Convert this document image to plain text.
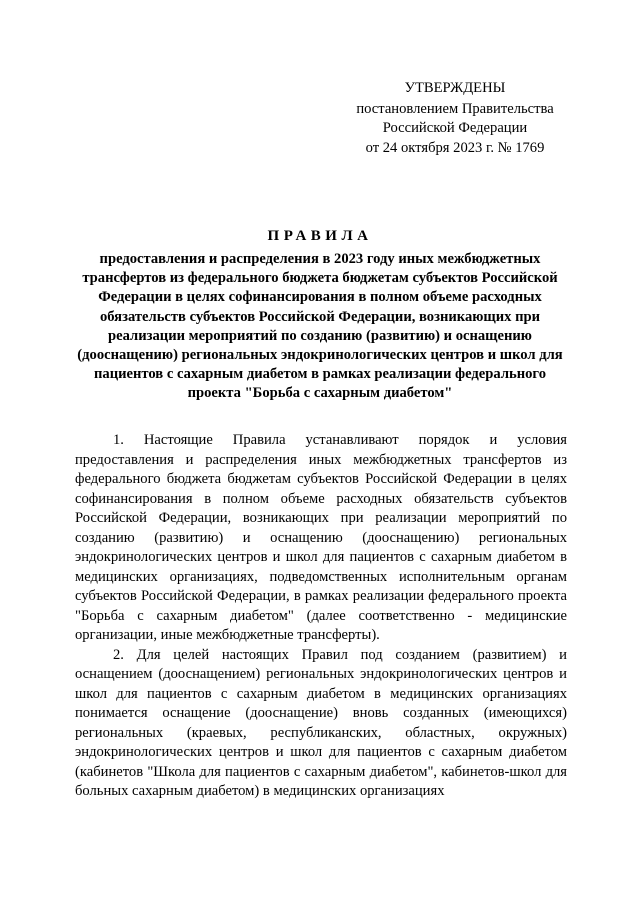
УТВЕРЖДЕНЫ
постановлением Правительства
Российской Федерации
от 24 октября 2023 г. № 1769
ПРАВИЛА
предоставления и распределения в 2023 году иных межбюджетных трансфертов из федерального бюджета бюджетам субъектов Российской Федерации в целях софинансирования в полном объеме расходных обязательств субъектов Российской Федерации, возникающих при реализации мероприятий по созданию (развитию) и оснащению (дооснащению) региональных эндокринологических центров и школ для пациентов с сахарным диабетом в рамках реализации федерального проекта "Борьба с сахарным диабетом"

1. Настоящие Правила устанавливают порядок и условия предоставления и распределения иных межбюджетных трансфертов из федерального бюджета бюджетам субъектов Российской Федерации в целях софинансирования в полном объеме расходных обязательств субъектов Российской Федерации, возникающих при реализации мероприятий по созданию (развитию) и оснащению (дооснащению) региональных эндокринологических центров и школ для пациентов с сахарным диабетом в медицинских организациях, подведомственных исполнительным органам субъектов Российской Федерации, в рамках реализации федерального проекта "Борьба с сахарным диабетом" (далее соответственно - медицинские организации, иные межбюджетные трансферты).

2. Для целей настоящих Правил под созданием (развитием) и оснащением (дооснащением) региональных эндокринологических центров и школ для пациентов с сахарным диабетом в медицинских организациях понимается оснащение (дооснащение) вновь созданных (имеющихся) региональных (краевых, республиканских, областных, окружных) эндокринологических центров и школ для пациентов с сахарным диабетом (кабинетов "Школа для пациентов с сахарным диабетом", кабинетов-школ для больных сахарным диабетом) в медицинских организациях
